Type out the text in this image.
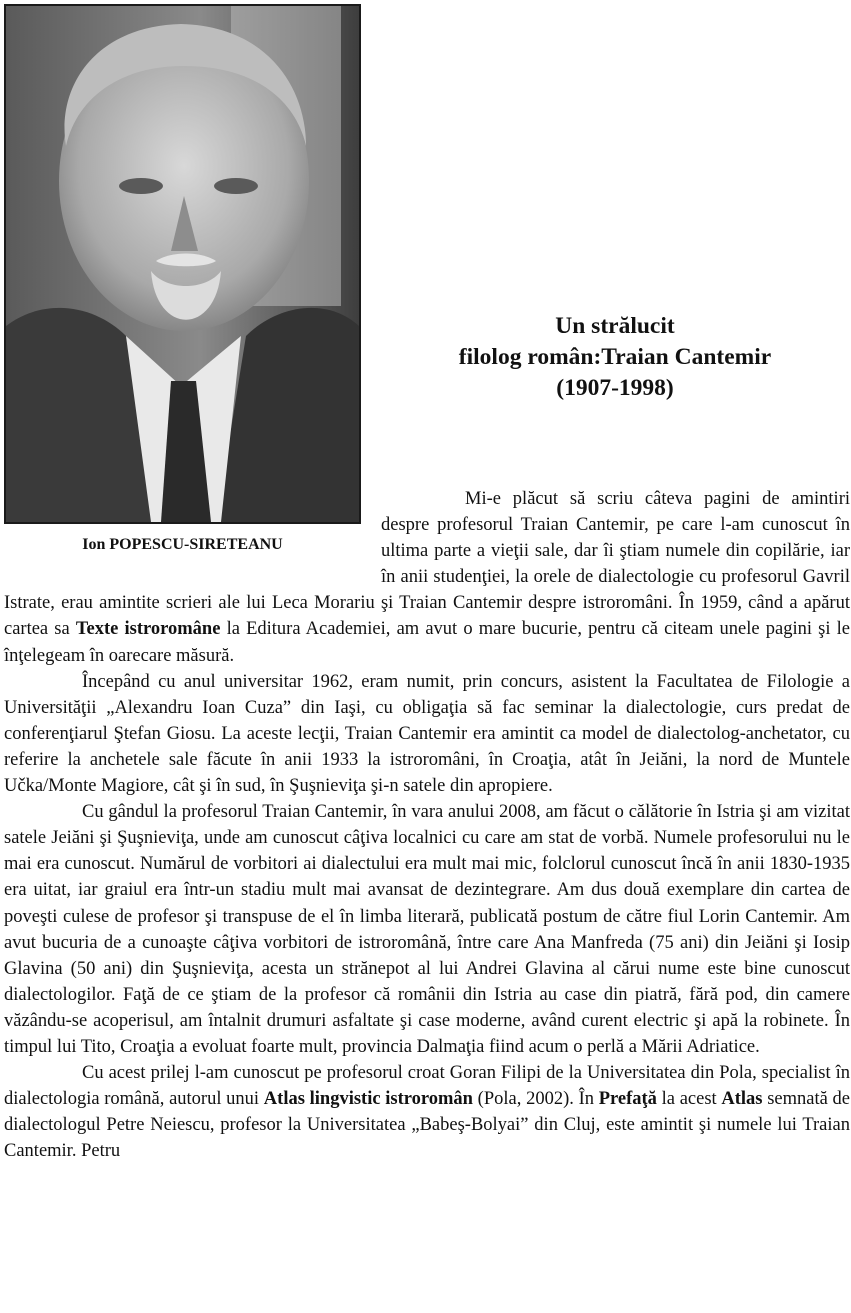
Ion POPESCU-SIRETEANU
Un strălucit
filolog român:Traian Cantemir
(1907-1998)

Mi-e plăcut să scriu câteva pagini de amintiri despre profesorul Traian Cantemir, pe care l-am cunoscut în ultima parte a vieţii sale, dar îi ştiam numele din copilărie, iar în anii studenţiei, la orele de dialectologie cu profesorul Gavril Istrate, erau amintite scrieri ale lui Leca Morariu şi Traian Cantemir despre istroromâni. În 1959, când a apărut cartea sa Texte istroromâne la Editura Academiei, am avut o mare bucurie, pentru că citeam unele pagini şi le înţelegeam în oarecare măsură.

Începând cu anul universitar 1962, eram numit, prin concurs, asistent la Facultatea de Filologie a Universităţii „Alexandru Ioan Cuza” din Iaşi, cu obligaţia să fac seminar la dialectologie, curs predat de conferenţiarul Ştefan Giosu. La aceste lecţii, Traian Cantemir era amintit ca model de dialectolog-anchetator, cu referire la anchetele sale făcute în anii 1933 la istroromâni, în Croaţia, atât în Jeiăni, la nord de Muntele Učka/Monte Magiore, cât şi în sud, în Şuşnieviţa şi-n satele din apropiere.

Cu gândul la profesorul Traian Cantemir, în vara anului 2008, am făcut o călătorie în Istria şi am vizitat satele Jeiăni şi Şuşnieviţa, unde am cunoscut câţiva localnici cu care am stat de vorbă. Numele profesorului nu le mai era cunoscut. Numărul de vorbitori ai dialectului era mult mai mic, folclorul cunoscut încă în anii 1830-1935 era uitat, iar graiul era într-un stadiu mult mai avansat de dezintegrare. Am dus două exemplare din cartea de poveşti culese de profesor şi transpuse de el în limba literară, publicată postum de către fiul Lorin Cantemir. Am avut bucuria de a cunoaşte câţiva vorbitori de istroromână, între care Ana Manfreda (75 ani) din Jeiăni şi Iosip Glavina (50 ani) din Şuşnieviţa, acesta un strănepot al lui Andrei Glavina al cărui nume este bine cunoscut dialectologilor. Faţă de ce ştiam de la profesor că românii din Istria au case din piatră, fără pod, din camere văzându-se acoperisul, am întalnit drumuri asfaltate şi case moderne, având curent electric şi apă la robinete. În timpul lui Tito, Croaţia a evoluat foarte mult, provincia Dalmaţia fiind acum o perlă a Mării Adriatice.

Cu acest prilej l-am cunoscut pe profesorul croat Goran Filipi de la Universitatea din Pola, specialist în dialectologia română, autorul unui Atlas lingvistic istroromân (Pola, 2002). În Prefaţă la acest Atlas semnată de dialectologul Petre Neiescu, profesor la Universitatea „Babeş-Bolyai” din Cluj, este amintit şi numele lui Traian Cantemir. Petru
